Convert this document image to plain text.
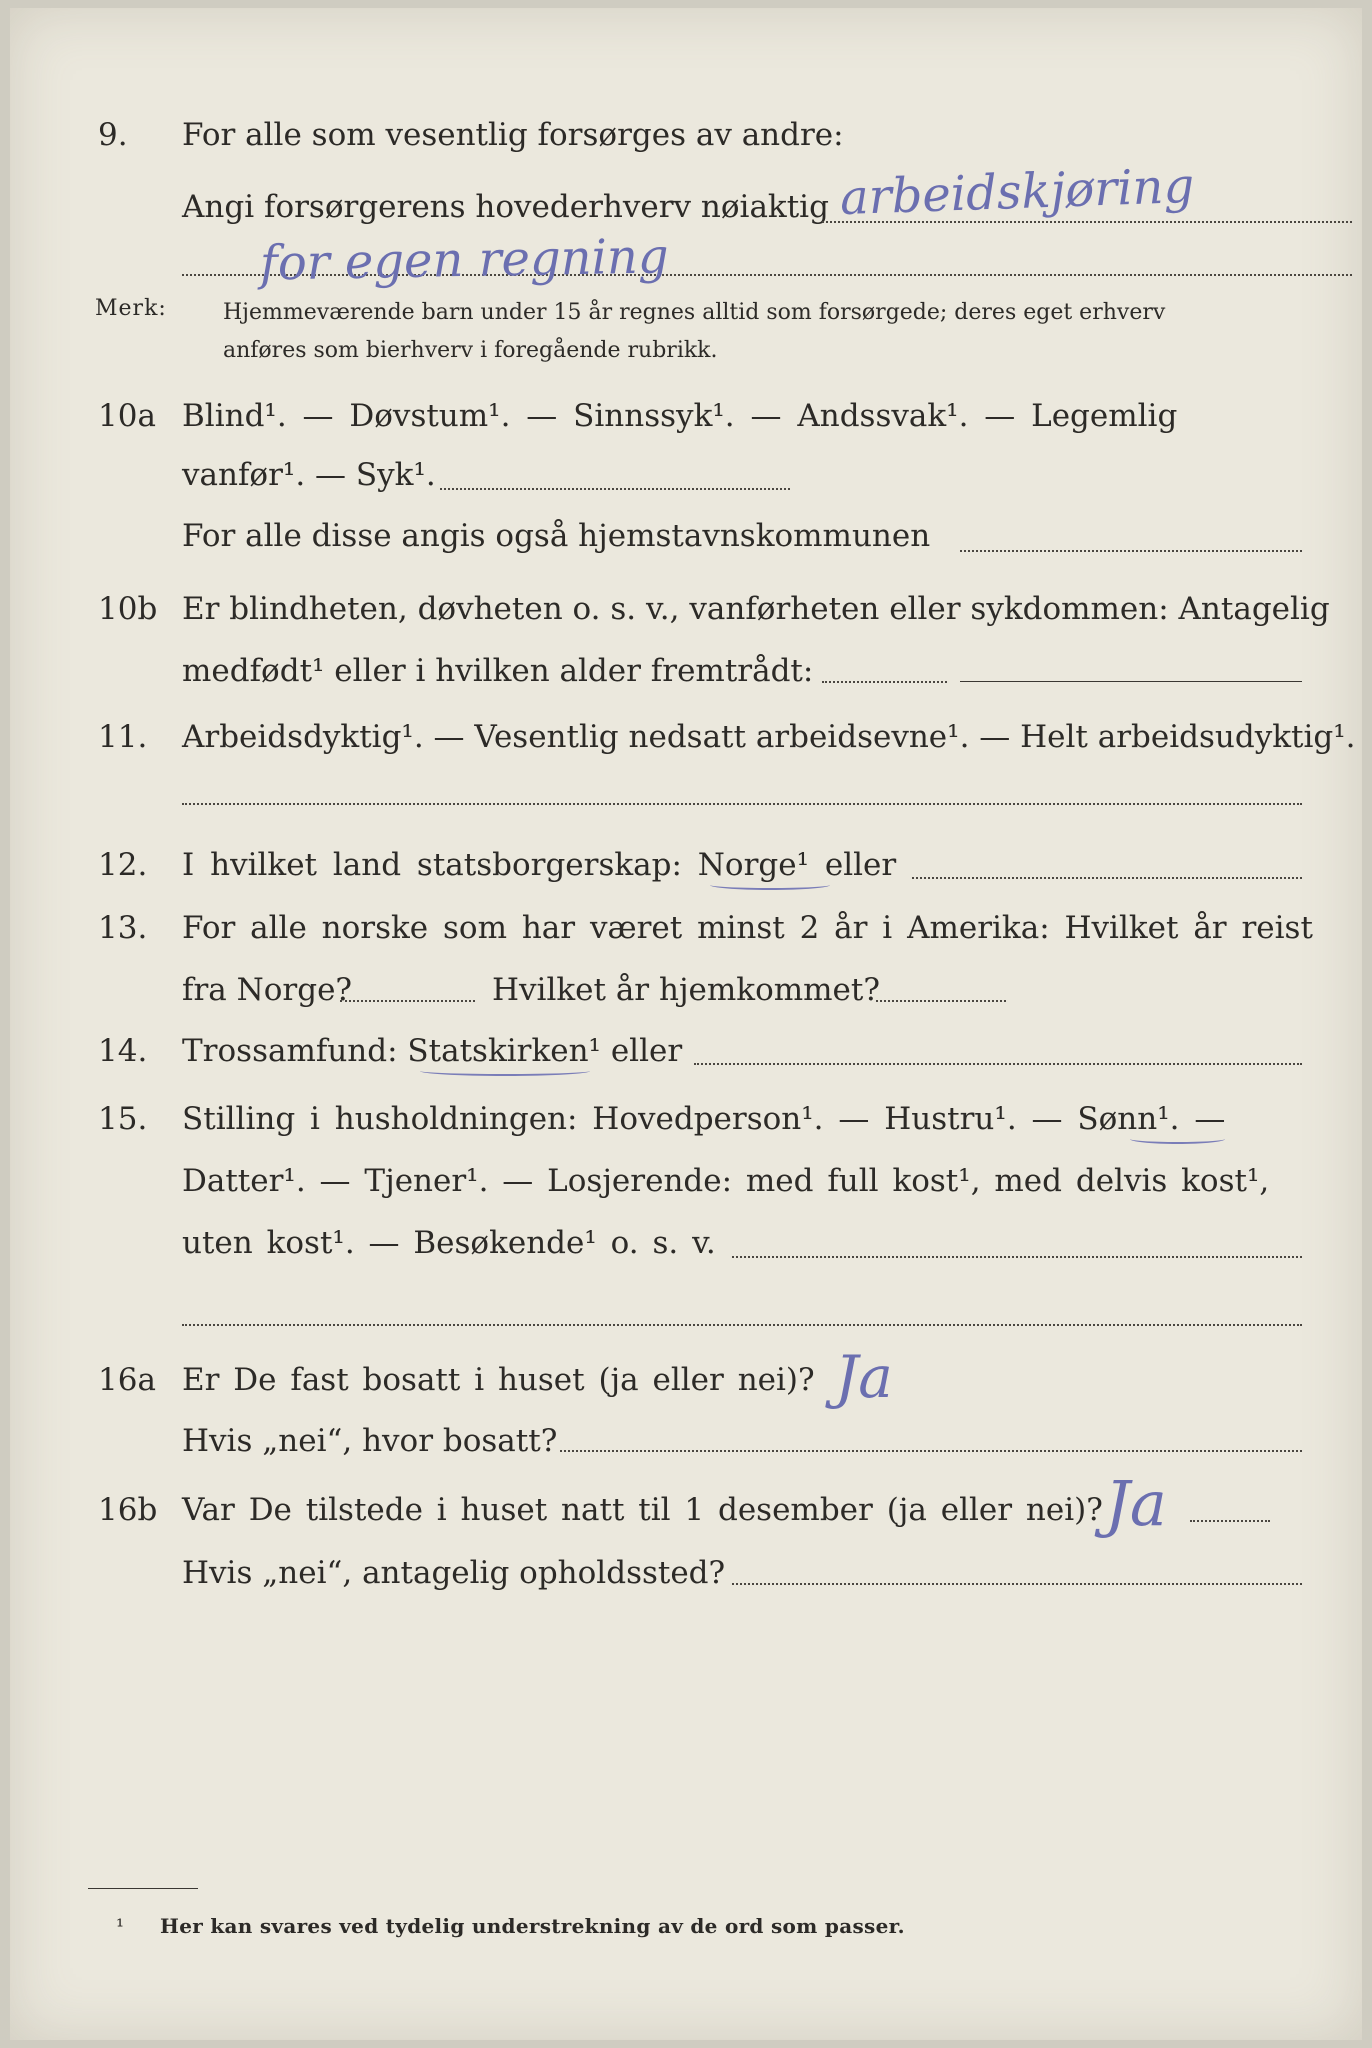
9. For alle som vesentlig forsørges av andre:
Angi forsørgerens hovederhverv nøiaktig arbeidskjøring
for egen regning
Merk:	Hjemmeværende barn under 15 år regnes alltid som forsørgede; deres eget erhverv
anføres som bierhverv i foregående rubrikk.
10a Blind¹. — Døvstum¹. — Sinnssyk¹. — Andssvak¹. — Legemlig
vanfør¹. — Syk¹.
For alle disse angis også hjemstavnskommunen
10b Er blindheten, døvheten o. s. v., vanførheten eller sykdommen: Antagelig
medfødt¹ eller i hvilken alder fremtrådt:
11. Arbeidsdyktig¹. — Vesentlig nedsatt arbeidsevne¹. — Helt arbeidsudyktig¹.
12. I hvilket land statsborgerskap: Norge¹ eller
13. For alle norske som har været minst 2 år i Amerika: Hvilket år reist
fra Norge?	Hvilket år hjemkommet?
14. Trossamfund: Statskirken¹ eller
15. Stilling i husholdningen: Hovedperson¹. — Hustru¹. — Sønn¹. —
Datter¹. — Tjener¹. — Losjerende: med full kost¹, med delvis kost¹,
uten kost¹. — Besøkende¹ o. s. v.
16a Er De fast bosatt i huset (ja eller nei)? Ja
Hvis „nei“, hvor bosatt?
16b Var De tilstede i huset natt til 1 desember (ja eller nei)? Ja
Hvis „nei“, antagelig opholdssted?
¹ Her kan svares ved tydelig understrekning av de ord som passer.
